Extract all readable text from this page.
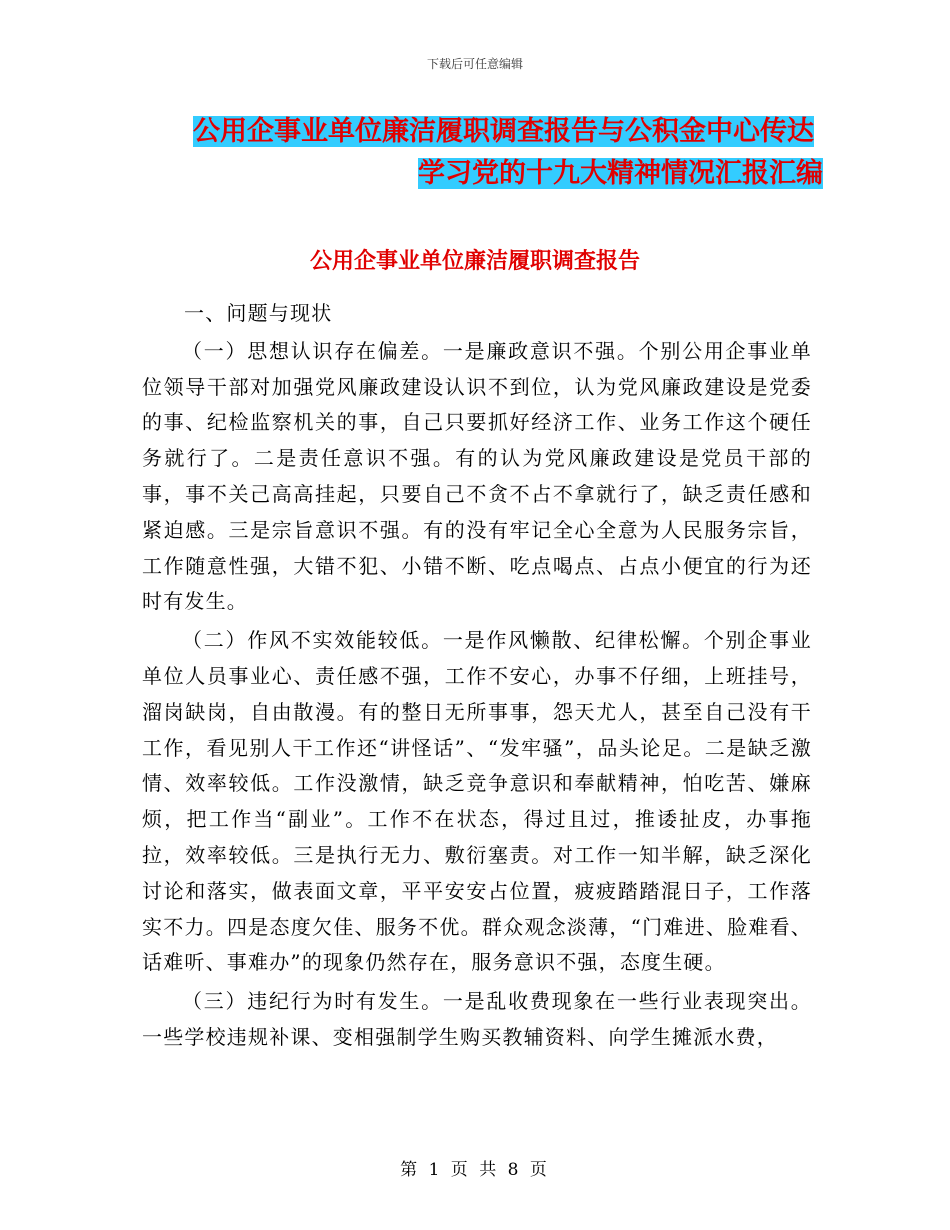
下载后可任意编辑
公用企事业单位廉洁履职调查报告与公积金中心传达
学习党的十九大精神情况汇报汇编
公用企事业单位廉洁履职调查报告

一、问题与现状

（一）思想认识存在偏差。一是廉政意识不强。个别公用企事业单位领导干部对加强党风廉政建设认识不到位，认为党风廉政建设是党委的事、纪检监察机关的事，自己只要抓好经济工作、业务工作这个硬任务就行了。二是责任意识不强。有的认为党风廉政建设是党员干部的事，事不关己高高挂起，只要自己不贪不占不拿就行了，缺乏责任感和紧迫感。三是宗旨意识不强。有的没有牢记全心全意为人民服务宗旨，工作随意性强，大错不犯、小错不断、吃点喝点、占点小便宜的行为还时有发生。

（二）作风不实效能较低。一是作风懒散、纪律松懈。个别企事业单位人员事业心、责任感不强，工作不安心，办事不仔细，上班挂号，溜岗缺岗，自由散漫。有的整日无所事事，怨天尤人，甚至自己没有干工作，看见别人干工作还“讲怪话”、“发牢骚”，品头论足。二是缺乏激情、效率较低。工作没激情，缺乏竞争意识和奉献精神，怕吃苦、嫌麻烦，把工作当“副业”。工作不在状态，得过且过，推诿扯皮，办事拖拉，效率较低。三是执行无力、敷衍塞责。对工作一知半解，缺乏深化讨论和落实，做表面文章，平平安安占位置，疲疲踏踏混日子，工作落实不力。四是态度欠佳、服务不优。群众观念淡薄，“门难进、脸难看、话难听、事难办”的现象仍然存在，服务意识不强，态度生硬。

（三）违纪行为时有发生。一是乱收费现象在一些行业表现突出。一些学校违规补课、变相强制学生购买教辅资料、向学生摊派水费，

第 1 页 共 8 页
